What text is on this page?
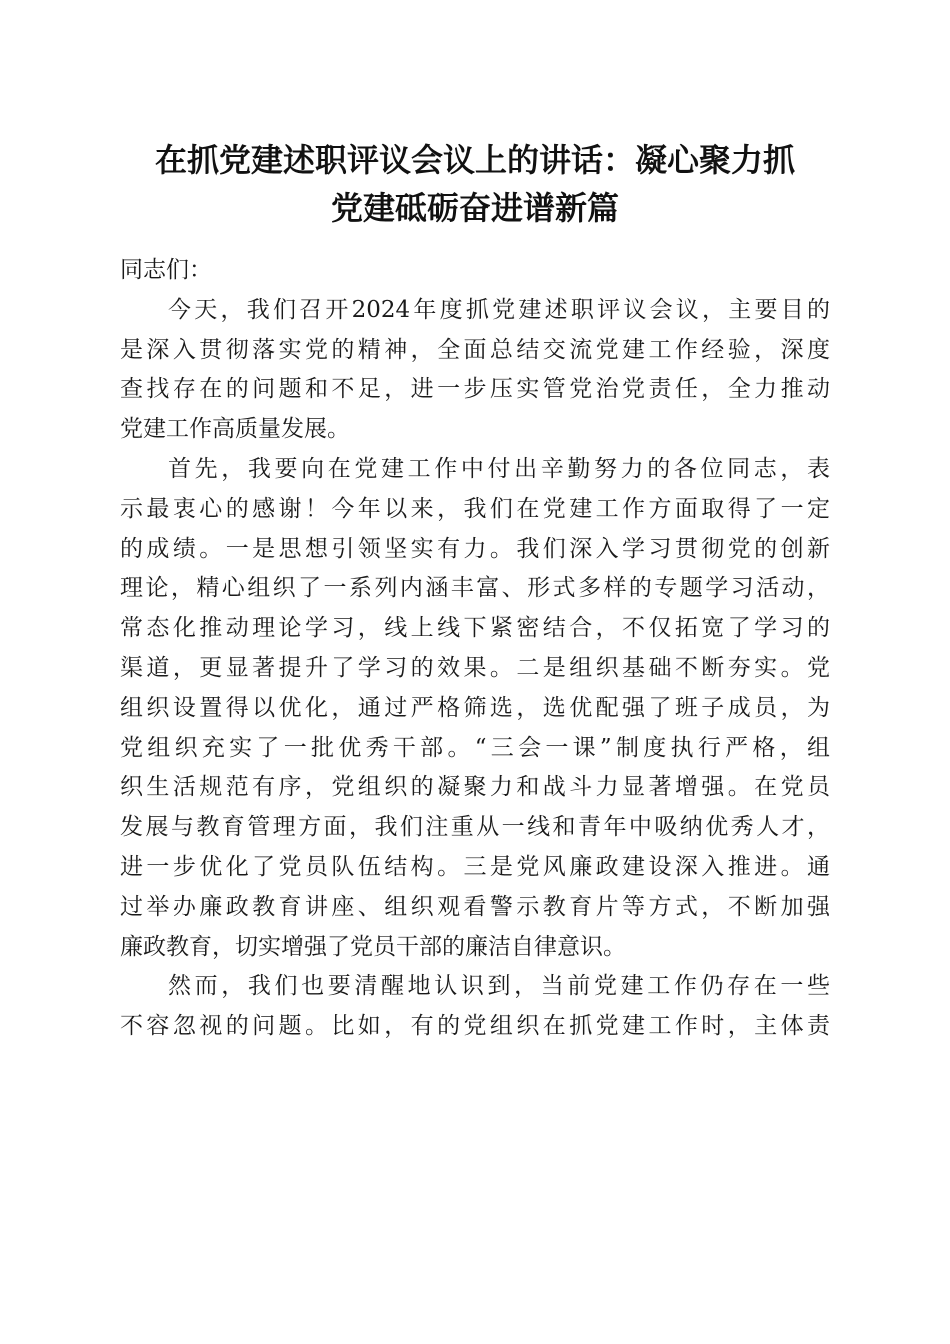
在抓党建述职评议会议上的讲话：凝心聚力抓
党建砥砺奋进谱新篇

同志们：

今天，我们召开2024年度抓党建述职评议会议，主要目的
是深入贯彻落实党的精神，全面总结交流党建工作经验，深度
查找存在的问题和不足，进一步压实管党治党责任，全力推动
党建工作高质量发展。
首先，我要向在党建工作中付出辛勤努力的各位同志，表
示最衷心的感谢！今年以来，我们在党建工作方面取得了一定
的成绩。一是思想引领坚实有力。我们深入学习贯彻党的创新
理论，精心组织了一系列内涵丰富、形式多样的专题学习活动，
常态化推动理论学习，线上线下紧密结合，不仅拓宽了学习的
渠道，更显著提升了学习的效果。二是组织基础不断夯实。党
组织设置得以优化，通过严格筛选，选优配强了班子成员，为
党组织充实了一批优秀干部。“三会一课”制度执行严格，组
织生活规范有序，党组织的凝聚力和战斗力显著增强。在党员
发展与教育管理方面，我们注重从一线和青年中吸纳优秀人才，
进一步优化了党员队伍结构。三是党风廉政建设深入推进。通
过举办廉政教育讲座、组织观看警示教育片等方式，不断加强
廉政教育，切实增强了党员干部的廉洁自律意识。
然而，我们也要清醒地认识到，当前党建工作仍存在一些
不容忽视的问题。比如，有的党组织在抓党建工作时，主体责
